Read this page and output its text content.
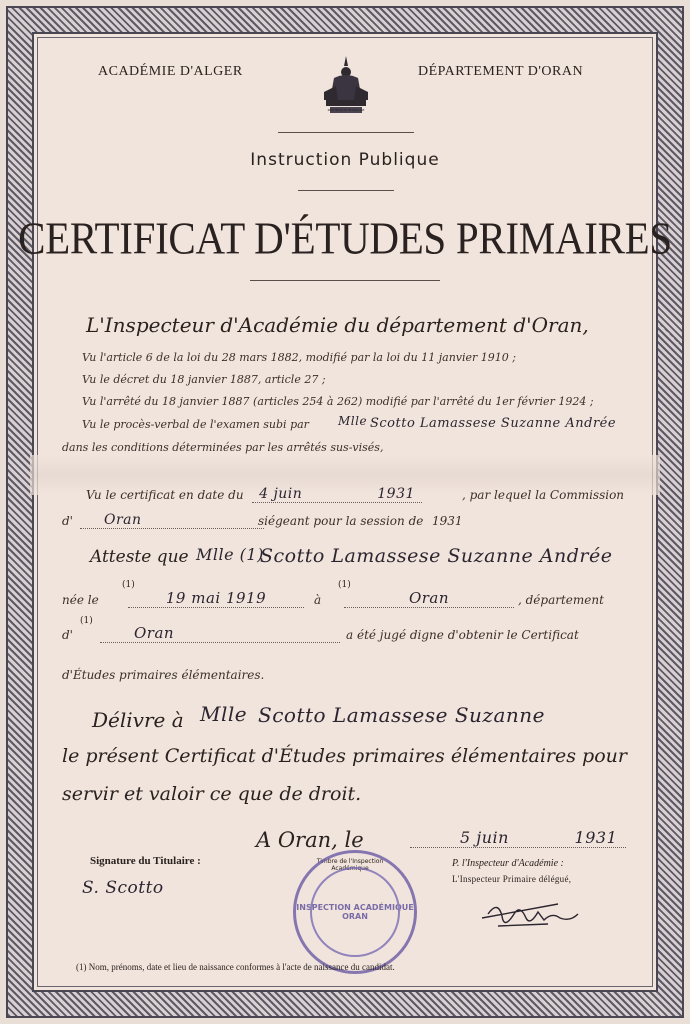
ACADÉMIE D'ALGER	DÉPARTEMENT D'ORAN
RÉPUBLIQUE FRANÇAISE
Instruction Publique
CERTIFICAT D'ÉTUDES PRIMAIRES
L'Inspecteur d'Académie du département d'Oran,
Vu l'article 6 de la loi du 28 mars 1882, modifié par la loi du 11 janvier 1910 ;
Vu le décret du 18 janvier 1887, article 27 ;
Vu l'arrêté du 18 janvier 1887 (articles 254 à 262) modifié par l'arrêté du 1er février 1924 ;
Vu le procès-verbal de l'examen subi par Mlle Scotto Lamassese Suzanne Andrée
dans les conditions déterminées par les arrêtés sus-visés,
Vu le certificat en date du	4 juin	1931	, par lequel la Commission
d'	Oran	siégeant pour la session de 1931
Atteste que Mlle (1)
Scotto Lamassese Suzanne Andrée
née le
(1)
19 mai 1919	à
(1)
Oran	, département
d'
(1)
Oran	a été jugé digne d'obtenir le Certificat
d'Études primaires élémentaires.
Délivre à Mlle Scotto Lamassese Suzanne
le présent Certificat d'Études primaires élémentaires pour
servir et valoir ce que de droit.
A Oran, le	5 juin	1931
Signature du Titulaire :
S. Scotto
Timbre de l'Inspection Académique
INSPECTION ACADÉMIQUE ORAN
P. l'Inspecteur d'Académie :
L'Inspecteur Primaire délégué,
(1) Nom, prénoms, date et lieu de naissance conformes à l'acte de naissance du candidat.
